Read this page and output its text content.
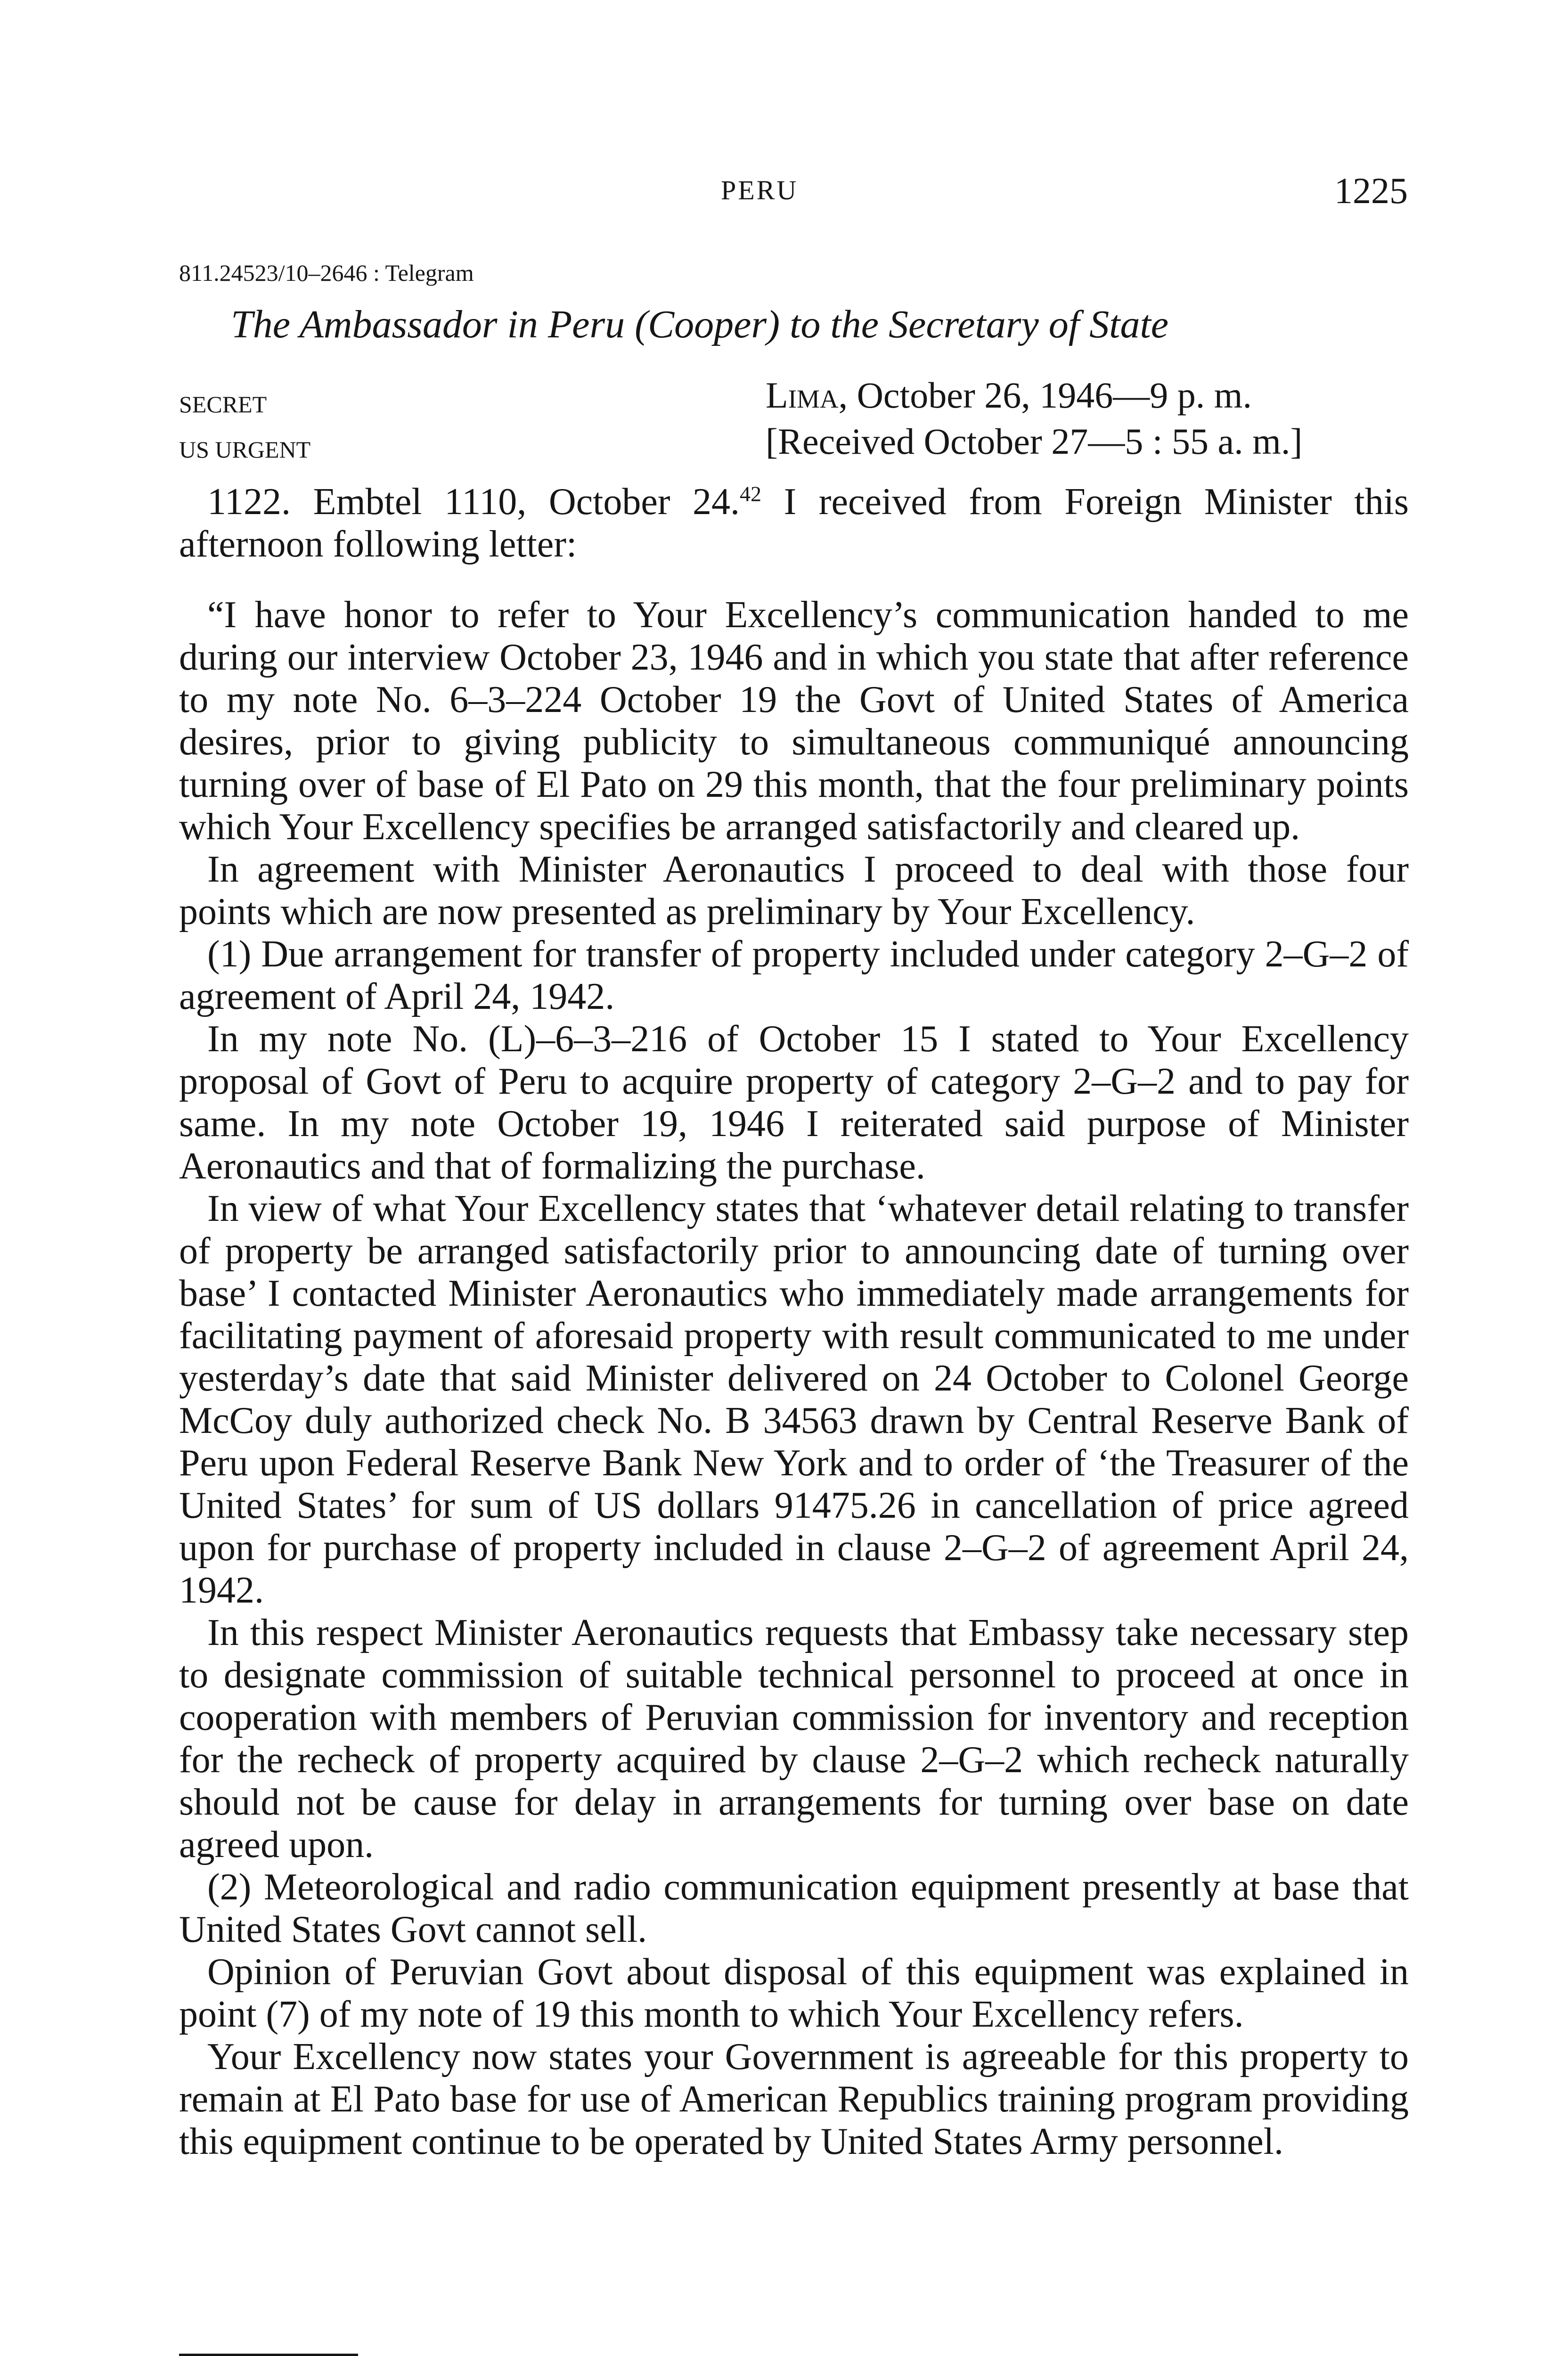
PERU	1225
811.24523/10–2646 : Telegram
The Ambassador in Peru (Cooper) to the Secretary of State
SECRET
US URGENT
Lima, October 26, 1946—9 p. m.
[Received October 27—5 : 55 a. m.]

1122. Embtel 1110, October 24.42 I received from Foreign Minister this afternoon following letter:

“I have honor to refer to Your Excellency’s communication handed to me during our interview October 23, 1946 and in which you state that after reference to my note No. 6–3–224 October 19 the Govt of United States of America desires, prior to giving publicity to simultaneous communiqué announcing turning over of base of El Pato on 29 this month, that the four preliminary points which Your Excellency specifies be arranged satisfactorily and cleared up.

In agreement with Minister Aeronautics I proceed to deal with those four points which are now presented as preliminary by Your Excellency.

(1) Due arrangement for transfer of property included under category 2–G–2 of agreement of April 24, 1942.

In my note No. (L)–6–3–216 of October 15 I stated to Your Excellency proposal of Govt of Peru to acquire property of category 2–G–2 and to pay for same. In my note October 19, 1946 I reiterated said purpose of Minister Aeronautics and that of formalizing the purchase.

In view of what Your Excellency states that ‘whatever detail relating to transfer of property be arranged satisfactorily prior to announcing date of turning over base’ I contacted Minister Aeronautics who immediately made arrangements for facilitating payment of aforesaid property with result communicated to me under yesterday’s date that said Minister delivered on 24 October to Colonel George McCoy duly authorized check No. B 34563 drawn by Central Reserve Bank of Peru upon Federal Reserve Bank New York and to order of ‘the Treasurer of the United States’ for sum of US dollars 91475.26 in cancellation of price agreed upon for purchase of property included in clause 2–G–2 of agreement April 24, 1942.

In this respect Minister Aeronautics requests that Embassy take necessary step to designate commission of suitable technical personnel to proceed at once in cooperation with members of Peruvian commission for inventory and reception for the recheck of property acquired by clause 2–G–2 which recheck naturally should not be cause for delay in arrangements for turning over base on date agreed upon.

(2) Meteorological and radio communication equipment presently at base that United States Govt cannot sell.

Opinion of Peruvian Govt about disposal of this equipment was explained in point (7) of my note of 19 this month to which Your Excellency refers.

Your Excellency now states your Government is agreeable for this property to remain at El Pato base for use of American Republics training program providing this equipment continue to be operated by United States Army personnel.
